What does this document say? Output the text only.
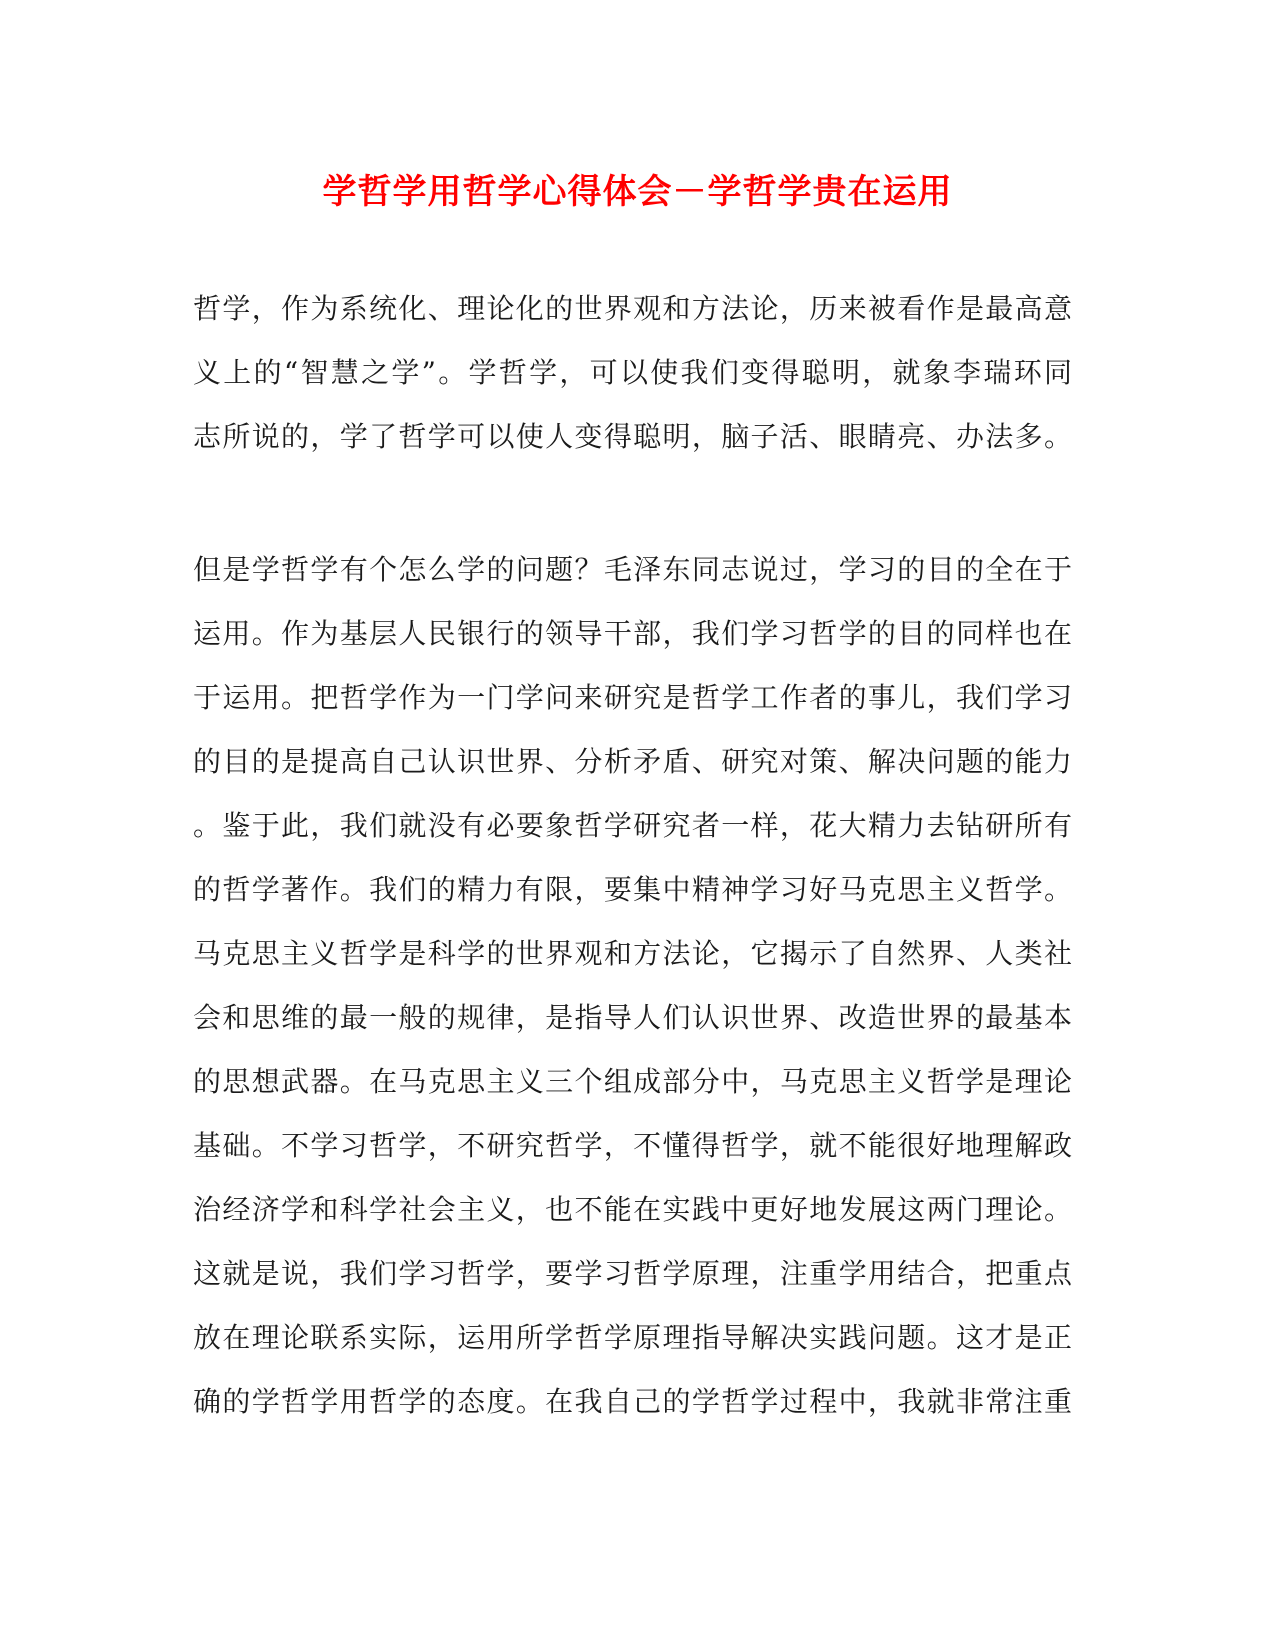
学哲学用哲学心得体会－学哲学贵在运用
哲学，作为系统化、理论化的世界观和方法论，历来被看作是最高意
义上的“智慧之学”。学哲学，可以使我们变得聪明，就象李瑞环同
志所说的，学了哲学可以使人变得聪明，脑子活、眼睛亮、办法多。
但是学哲学有个怎么学的问题？毛泽东同志说过，学习的目的全在于
运用。作为基层人民银行的领导干部，我们学习哲学的目的同样也在
于运用。把哲学作为一门学问来研究是哲学工作者的事儿，我们学习
的目的是提高自己认识世界、分析矛盾、研究对策、解决问题的能力
。鉴于此，我们就没有必要象哲学研究者一样，花大精力去钻研所有
的哲学著作。我们的精力有限，要集中精神学习好马克思主义哲学。
马克思主义哲学是科学的世界观和方法论，它揭示了自然界、人类社
会和思维的最一般的规律，是指导人们认识世界、改造世界的最基本
的思想武器。在马克思主义三个组成部分中，马克思主义哲学是理论
基础。不学习哲学，不研究哲学，不懂得哲学，就不能很好地理解政
治经济学和科学社会主义，也不能在实践中更好地发展这两门理论。
这就是说，我们学习哲学，要学习哲学原理，注重学用结合，把重点
放在理论联系实际，运用所学哲学原理指导解决实践问题。这才是正
确的学哲学用哲学的态度。在我自己的学哲学过程中，我就非常注重
